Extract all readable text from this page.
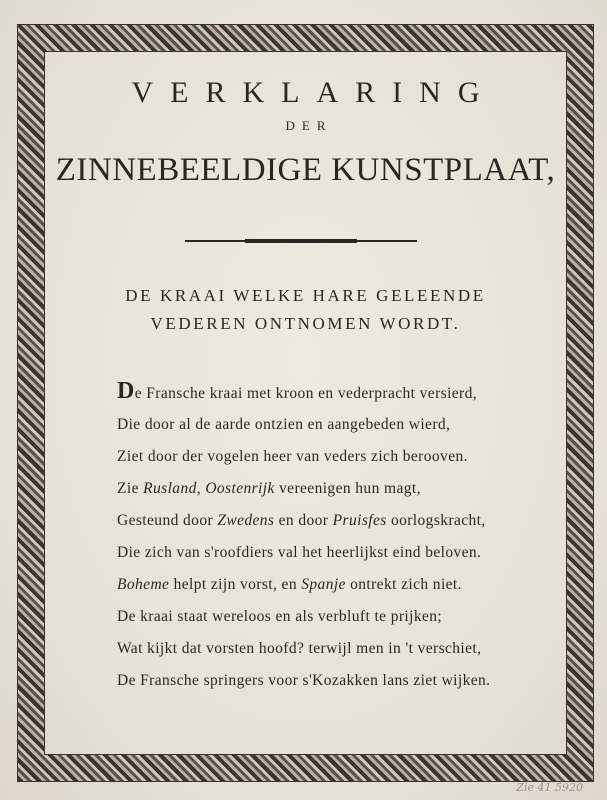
VERKLARING
DER
ZINNEBEELDIGE KUNSTPLAAT,
DE KRAAI WELKE HARE GELEENDE
VEDEREN ONTNOMEN WORDT.
De Fransche kraai met kroon en vederpracht versierd,
Die door al de aarde ontzien en aangebeden wierd,
Ziet door der vogelen heer van veders zich berooven.
Zie Rusland, Oostenrijk vereenigen hun magt,
Gesteund door Zwedens en door Pruisfes oorlogskracht,
Die zich van s'roofdiers val het heerlijkst eind beloven.
Boheme helpt zijn vorst, en Spanje ontrekt zich niet.
De kraai staat wereloos en als verbluft te prijken;
Wat kijkt dat vorsten hoofd? terwijl men in 't verschiet,
De Fransche springers voor s'Kozakken lans ziet wijken.
Zie 41 5920
